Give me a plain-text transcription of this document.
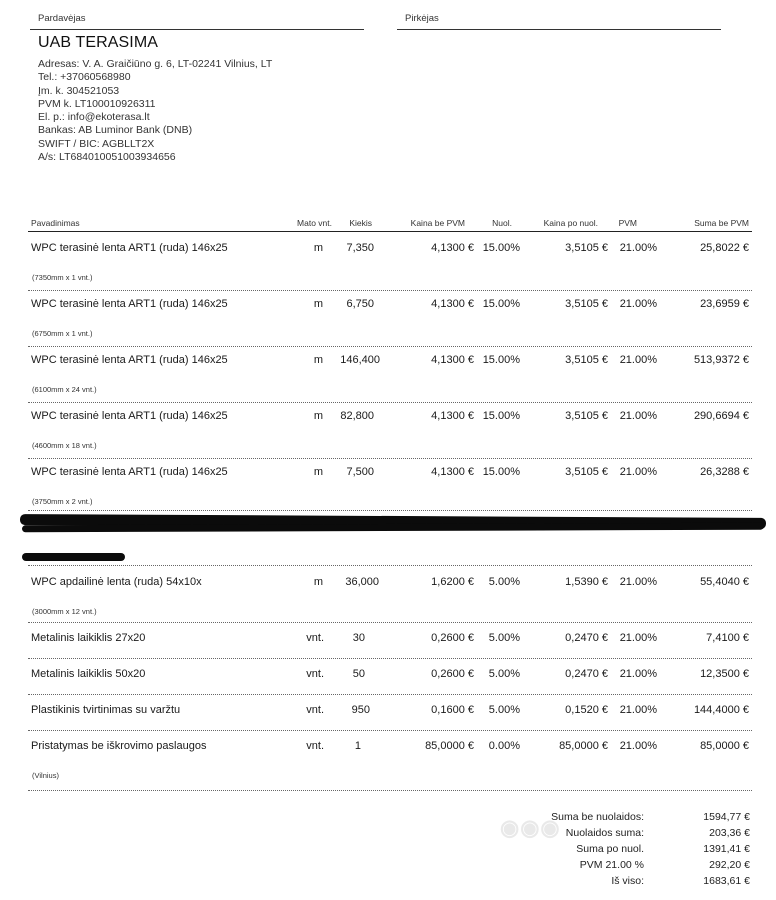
Pardavėjas	Pirkėjas
UAB TERASIMA
Adresas: V. A. Graičiūno g. 6, LT-02241 Vilnius, LT
Tel.: +37060568980
Įm. k. 304521053
PVM k. LT100010926311
El. p.: info@ekoterasa.lt
Bankas: AB Luminor Bank (DNB)
SWIFT / BIC: AGBLLT2X
A/s: LT684010051003934656
◉◉◉
Pavadinimas	Mato vnt. Kiekis	Kaina be PVM	Nuol.	Kaina po nuol. PVM	Suma be PVM
WPC terasinė lenta ART1 (ruda) 146x25	m 7,350	4,1300 € 15.00%	3,5105 € 21.00%	25,8022 €
(7350mm x 1 vnt.)
WPC terasinė lenta ART1 (ruda) 146x25	m 6,750	4,1300 € 15.00%	3,5105 € 21.00%	23,6959 €
(6750mm x 1 vnt.)
WPC terasinė lenta ART1 (ruda) 146x25	m 146,400	4,1300 € 15.00%	3,5105 € 21.00%	513,9372 €
(6100mm x 24 vnt.)
WPC terasinė lenta ART1 (ruda) 146x25	m 82,800	4,1300 € 15.00%	3,5105 € 21.00%	290,6694 €
(4600mm x 18 vnt.)
WPC terasinė lenta ART1 (ruda) 146x25	m 7,500	4,1300 € 15.00%	3,5105 € 21.00%	26,3288 €
(3750mm x 2 vnt.)
WPC apdailinė lenta (ruda) 54x10x	m 36,000	1,6200 € 5.00%	1,5390 € 21.00%	55,4040 €
(3000mm x 12 vnt.)
Metalinis laikiklis 27x20	vnt.	30	0,2600 € 5.00%	0,2470 € 21.00%	7,4100 €
Metalinis laikiklis 50x20	vnt.	50	0,2600 € 5.00%	0,2470 € 21.00%	12,3500 €
Plastikinis tvirtinimas su varžtu	vnt.	950	0,1600 € 5.00%	0,1520 € 21.00%	144,4000 €
Pristatymas be iškrovimo paslaugos	vnt.	1	85,0000 € 0.00%	85,0000 € 21.00%	85,0000 €
(Vilnius)
Suma be nuolaidos:	1594,77 €
Nuolaidos suma:	203,36 €
Suma po nuol.	1391,41 €
PVM 21.00 %	292,20 €
Iš viso:	1683,61 €
